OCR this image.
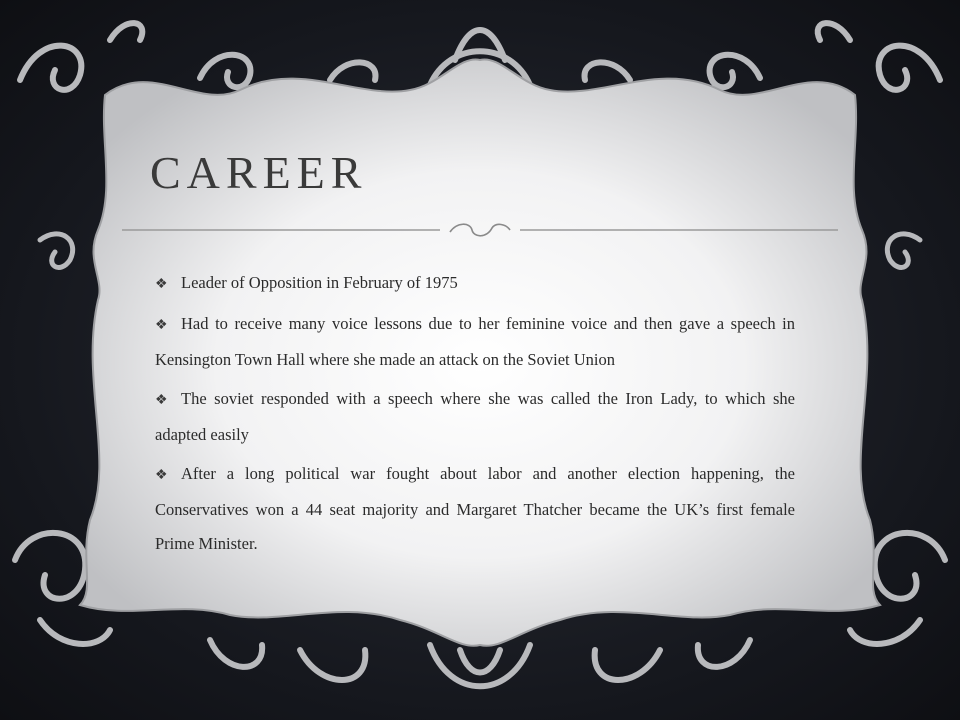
CAREER

❖ Leader of Opposition in February of 1975

❖ Had to receive many voice lessons due to her feminine voice and then gave a speech in Kensington Town Hall where she made an attack on the Soviet Union

❖ The soviet responded with a speech where she was called the Iron Lady, to which she adapted easily

❖ After a long political war fought about labor and another election happening, the Conservatives won a 44 seat majority and Margaret Thatcher became the UK’s first female Prime Minister.
